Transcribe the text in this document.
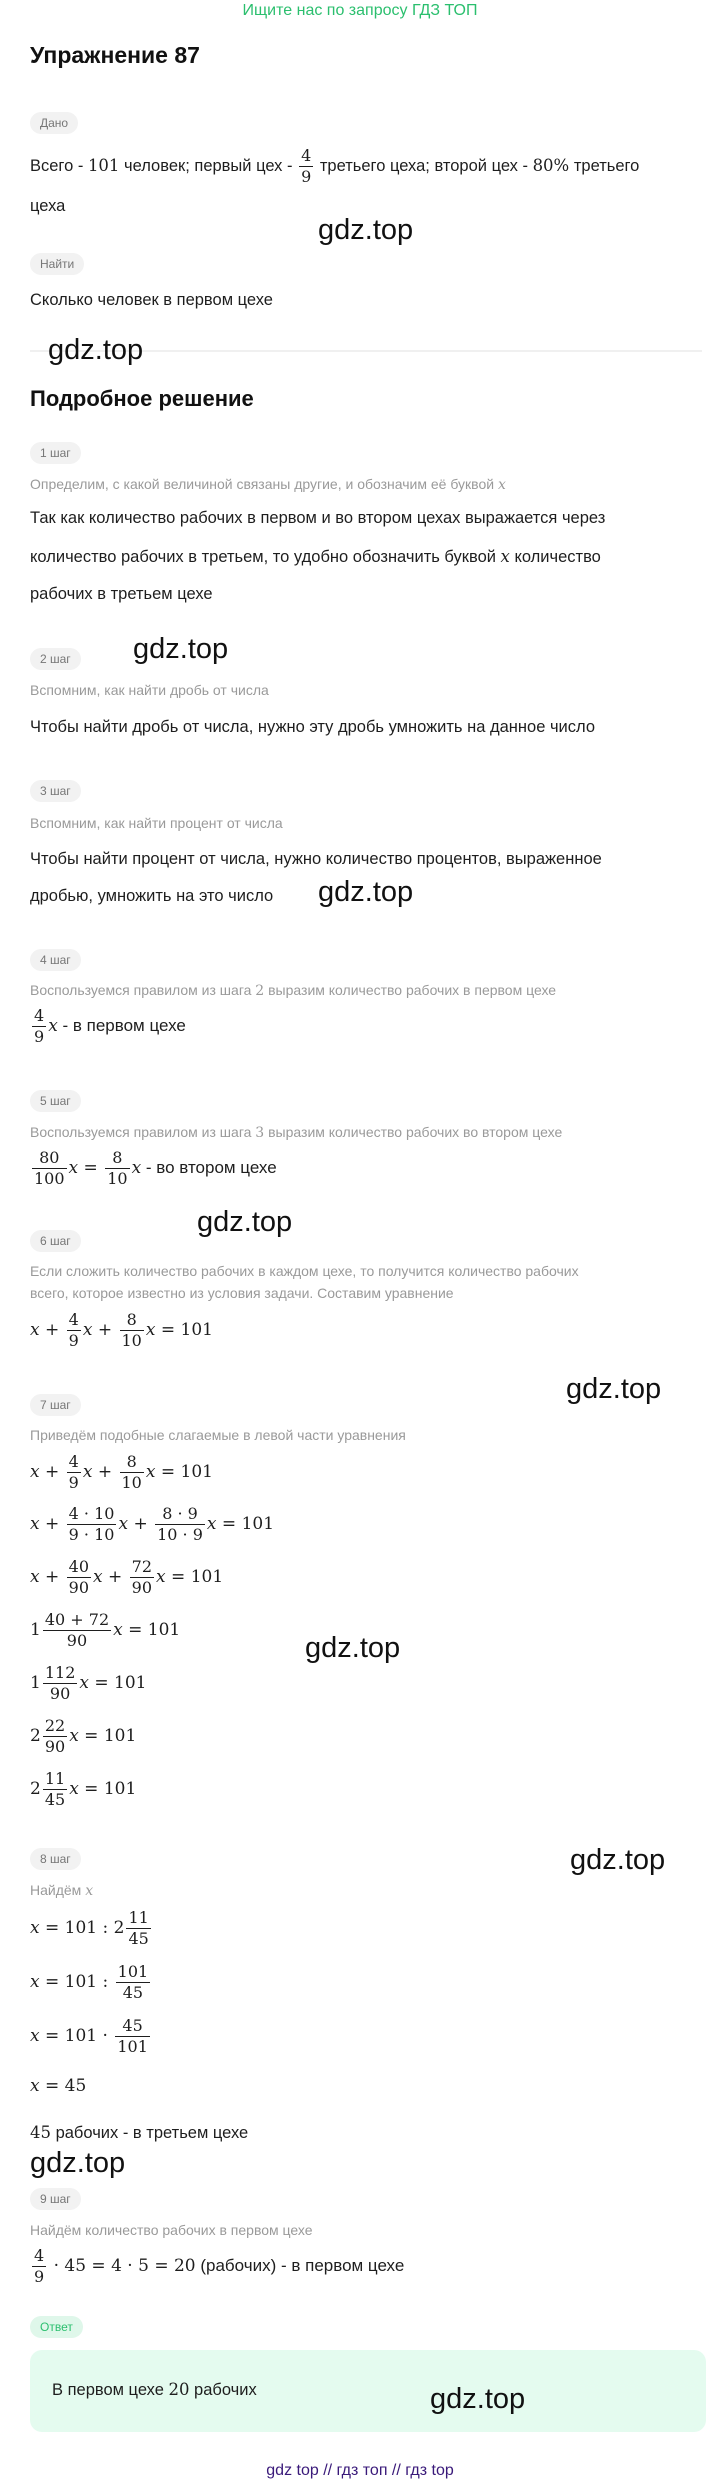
Ищите нас по запросу ГДЗ ТОП
Упражнение 87
Дано
Всего - 101 человек; первый цех - $\frac{4}{9}$ третьего цеха; второй цех - 80% третьего
цеха
Найти
Сколько человек в первом цехе
Подробное решение
1 шаг
Определим, с какой величиной связаны другие, и обозначим её буквой x
Так как количество рабочих в первом и во втором цехах выражается через
количество рабочих в третьем, то удобно обозначить буквой x количество
рабочих в третьем цехе
2 шаг
Вспомним, как найти дробь от числа
Чтобы найти дробь от числа, нужно эту дробь умножить на данное число
3 шаг
Вспомним, как найти процент от числа
Чтобы найти процент от числа, нужно количество процентов, выраженное
дробью, умножить на это число
4 шаг
Воспользуемся правилом из шага 2 выразим количество рабочих в первом цехе
$\frac{4}{9}$ x - в первом цехе
5 шаг
Воспользуемся правилом из шага 3 выразим количество рабочих во втором цехе
$\frac{80}{100}$ $x = \frac{8}{10}$ x - во втором цехе
6 шаг
Если сложить количество рабочих в каждом цехе, то получится количество рабочих
всего, которое известно из условия задачи. Составим уравнение
$x + \frac{4}{9}$ $x + \frac{8}{10}$ x = 101
7 шаг
Приведём подобные слагаемые в левой части уравнения
$x + \frac{4}{9}$ $x + \frac{8}{10}$ x = 101
$x + \frac{4 \cdot 10}{9 \cdot 10}$ $x + \frac{8 \cdot 9}{10 \cdot 9}$ x = 101
$x + \frac{40}{90}$ $x + \frac{72}{90}$ x = 101
$1 \frac{40 + 72}{90}$ x = 101
$1 \frac{112}{90}$ x = 101
$2 \frac{22}{90}$ x = 101
$2 \frac{11}{45}$ x = 101
8 шаг
Найдём x
x = 101 : $2 \frac{11}{45}$
x = 101 : $\frac{101}{45}$
$x = 101 \cdot \frac{45}{101}$
x = 45
45 рабочих - в третьем цехе
9 шаг
Найдём количество рабочих в первом цехе
$\frac{4}{9} \cdot 45 = 4 \cdot 5 = 20$ (рабочих) - в первом цехе
Ответ
В первом цехе 20 рабочих
gdz.top
gdz.top
gdz.top
gdz.top
gdz.top
gdz.top
gdz.top
gdz.top
gdz.top
gdz.top
gdz top // гдз топ // гдз top
